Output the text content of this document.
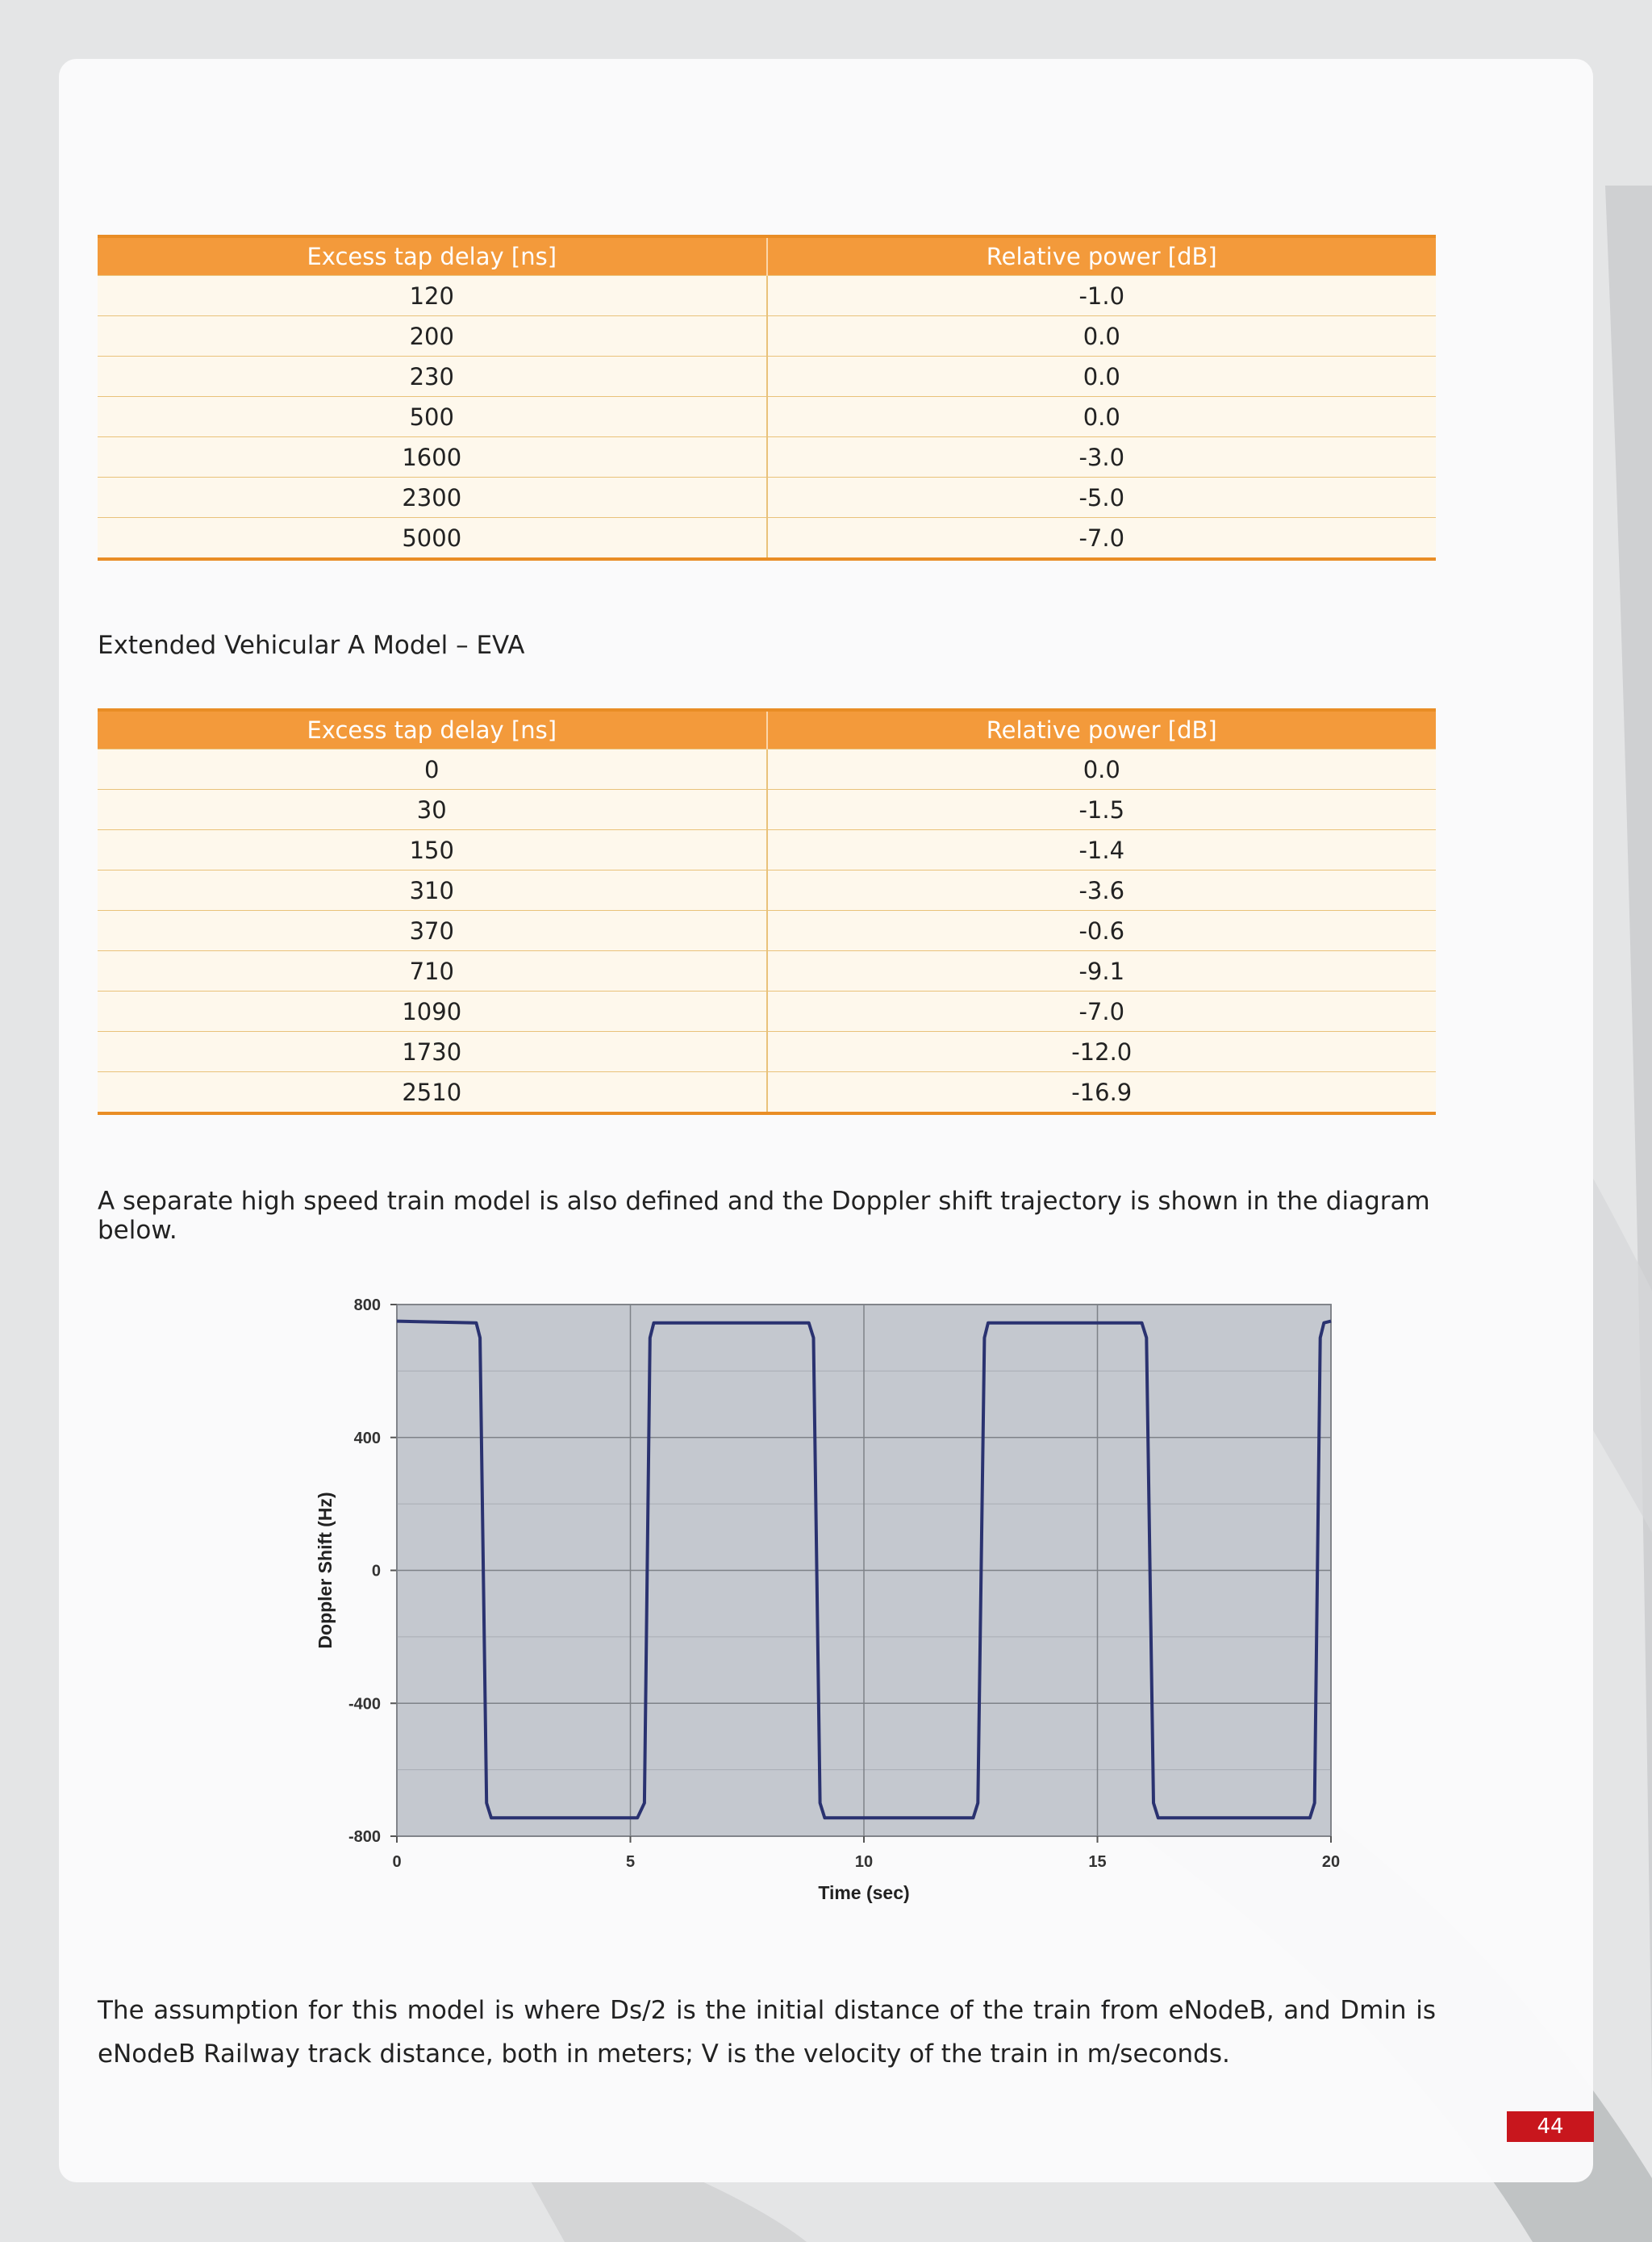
Excess tap delay [ns]	Relative power [dB]
120	-1.0
200	0.0
230	0.0
500	0.0
1600	-3.0
2300	-5.0
5000	-7.0

Extended Vehicular A Model – EVA

Excess tap delay [ns]	Relative power [dB]
0	0.0
30	-1.5
150	-1.4
310	-3.6
370	-0.6
710	-9.1
1090	-7.0
1730	-12.0
2510	-16.9

A separate high speed train model is also defined and the Doppler shift trajectory is shown in the diagram below.

800
400
0
-400
-800
0	5	10	15	20
Time (sec)
Doppler Shift (Hz)

The assumption for this model is where Ds/2 is the initial distance of the train from eNodeB, and Dmin is eNodeB Railway track distance, both in meters; V is the velocity of the train in m/seconds.

44
